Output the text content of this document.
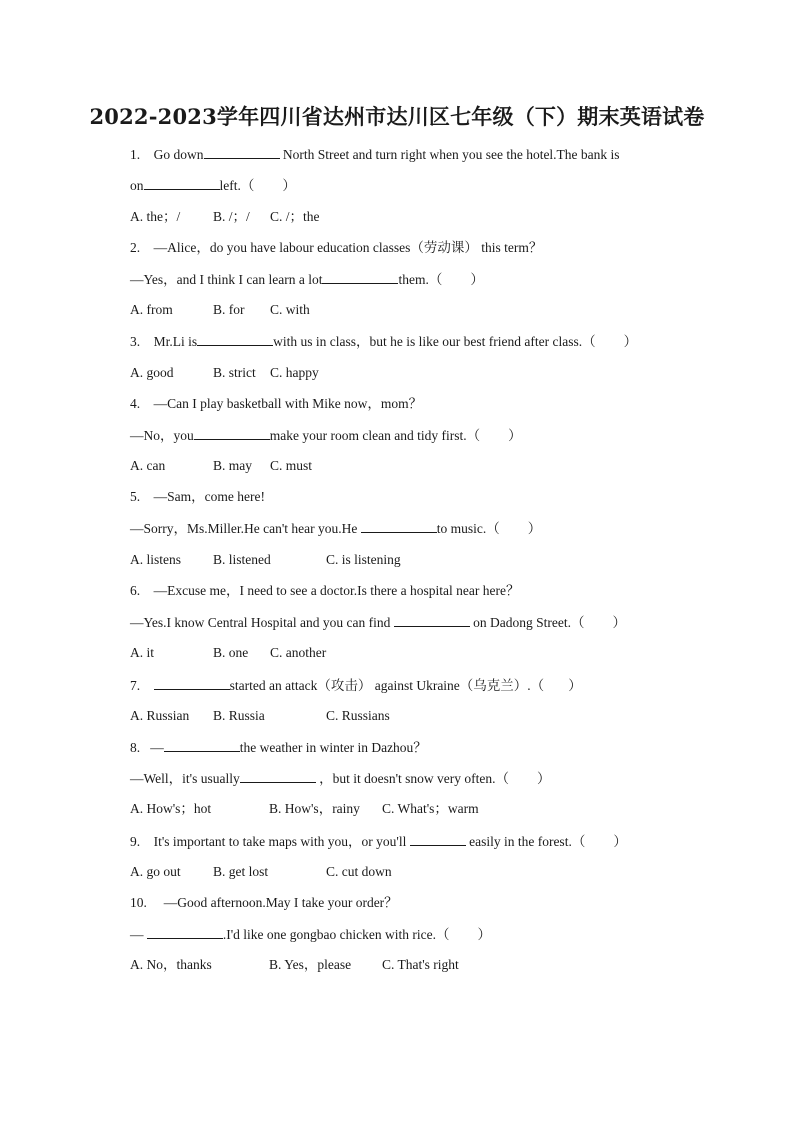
2022-2023学年四川省达州市达川区七年级（下）期末英语试卷
1. Go down	North Street and turn right when you see the hotel.The bank is
on	left.（ ）
A. the；/ B. /；/ C. /；the
2. —Alice，do you have labour education classes（劳动课） this term？
—Yes，and I think I can learn a lot	them.（ ）
A. from	B. for C. with
3. Mr.Li is	with us in class，but he is like our best friend after class.（ ）
A. good	B. strict C. happy
4. —Can I play basketball with Mike now，mom？
—No，you	make your room clean and tidy first.（ ）
A. can	B. may C. must
5. —Sam，come here!
—Sorry，Ms.Miller.He can't hear you.He	to music.（ ）
A. listens B. listened	C. is listening
6. —Excuse me，I need to see a doctor.Is there a hospital near here？
—Yes.I know Central Hospital and you can find	on Dadong Street.（ ）
A. it	B. one C. another
7.	started an attack（攻击） against Ukraine（乌克兰）.（ ）
A. Russian B. Russia	C. Russians
8. —	the weather in winter in Dazhou？
—Well，it's usually	，but it doesn't snow very often.（ ）
A. How's；hot	B. How's，rainy C. What's；warm
9. It's important to take maps with you，or you'll	easily in the forest.（ ）
A. go out B. get lost	C. cut down
10. —Good afternoon.May I take your order？
—	.I'd like one gongbao chicken with rice.（ ）
A. No，thanks	B. Yes，please C. That's right
